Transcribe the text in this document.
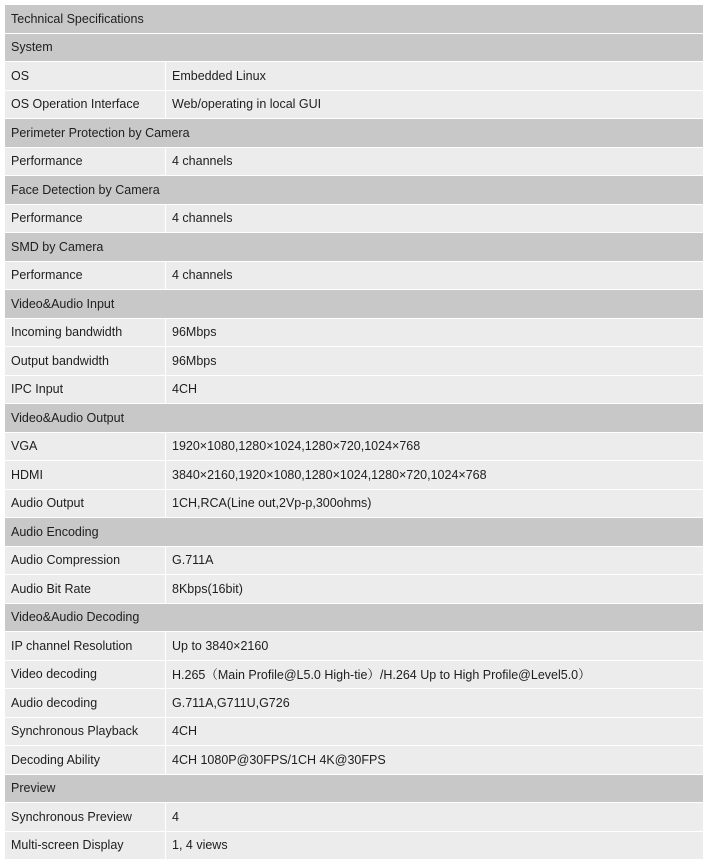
Technical Specifications	
System	
OS	Embedded Linux
OS Operation Interface	Web/operating in local GUI
Perimeter Protection by Camera	
Performance	4 channels
Face Detection by Camera	
Performance	4 channels
SMD by Camera	
Performance	4 channels
Video&Audio Input	
Incoming bandwidth	96Mbps
Output bandwidth	96Mbps
IPC Input	4CH
Video&Audio Output	
VGA	1920×1080,1280×1024,1280×720,1024×768
HDMI	3840×2160,1920×1080,1280×1024,1280×720,1024×768
Audio Output	1CH,RCA(Line out,2Vp-p,300ohms)
Audio Encoding	
Audio Compression	G.711A
Audio Bit Rate	8Kbps(16bit)
Video&Audio Decoding	
IP channel Resolution	Up to 3840×2160
Video decoding	H.265（Main Profile@L5.0 High-tie）/H.264 Up to High Profile@Level5.0）
Audio decoding	G.711A,G711U,G726
Synchronous Playback	4CH
Decoding Ability	4CH 1080P@30FPS/1CH 4K@30FPS
Preview	
Synchronous Preview	4
Multi-screen Display	1, 4 views
